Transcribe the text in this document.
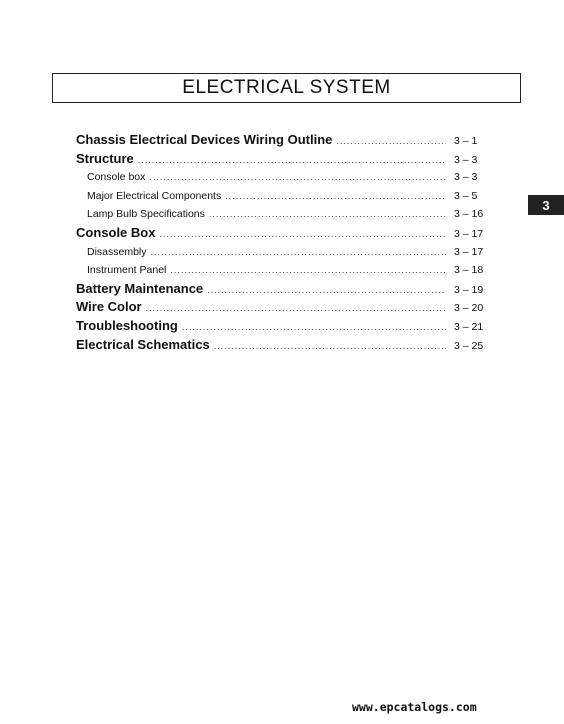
ELECTRICAL SYSTEM
3
Chassis Electrical Devices Wiring Outline .....	3 – 1
Structure .....	3 – 3
Console box .....	3 – 3
Major Electrical Components .....	3 – 5
Lamp Bulb Specifications .....	3 – 16
Console Box .....	3 – 17
Disassembly .....	3 – 17
Instrument Panel .....	3 – 18
Battery Maintenance .....	3 – 19
Wire Color .....	3 – 20
Troubleshooting .....	3 – 21
Electrical Schematics .....	3 – 25
www.epcatalogs.com
